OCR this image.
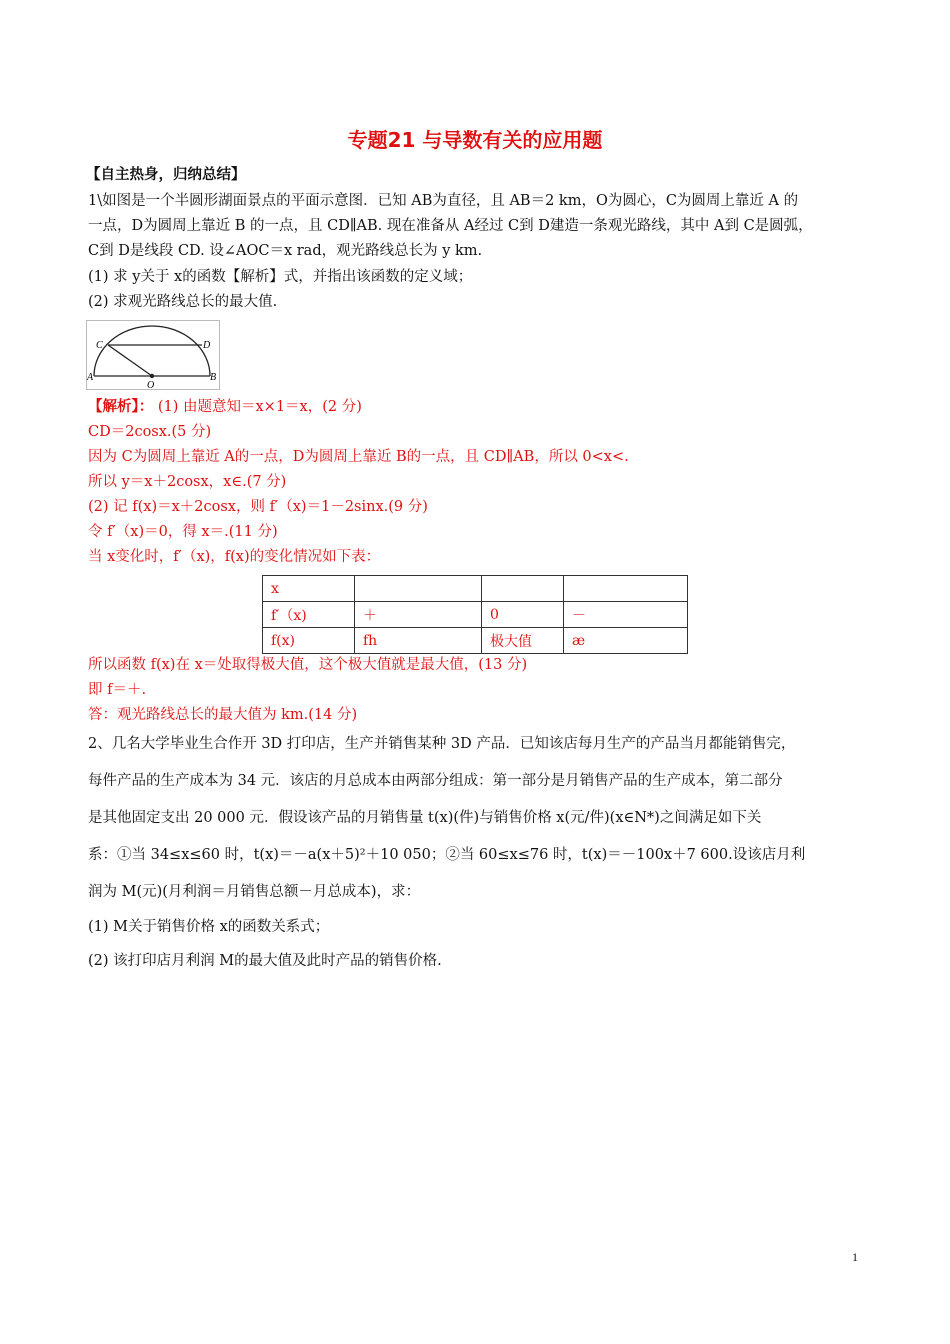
专题21 与导数有关的应用题
【自主热身，归纳总结】
1\如图是一个半圆形湖面景点的平面示意图．已知 AB为直径，且 AB＝2 km，O为圆心，C为圆周上靠近 A 的
一点，D为圆周上靠近 B 的一点，且 CD∥AB. 现在准备从 A经过 C到 D建造一条观光路线，其中 A到 C是圆弧，
C到 D是线段 CD. 设∠AOC＝x rad，观光路线总长为 y km.
(1) 求 y关于 x的函数【解析】式，并指出该函数的定义域；
(2) 求观光路线总长的最大值.
C	D
A
O
B
【解析】： (1) 由题意知＝x×1＝x，(2 分)
CD＝2cosx.(5 分)
因为 C为圆周上靠近 A的一点，D为圆周上靠近 B的一点，且 CD∥AB，所以 0<x<.
所以 y＝x＋2cosx，x∈.(7 分)
(2) 记 f(x)＝x＋2cosx，则 f′（x)＝1－2sinx.(9 分)
令 f′（x)＝0，得 x＝.(11 分)
当 x变化时，f′（x)，f(x)的变化情况如下表：
x			
f′（x)	＋	0	－
f(x)	fh	极大值	æ
所以函数 f(x)在 x＝处取得极大值，这个极大值就是最大值，(13 分)
即 f＝＋.
答：观光路线总长的最大值为 km.(14 分)
2、几名大学毕业生合作开 3D 打印店，生产并销售某种 3D 产品．已知该店每月生产的产品当月都能销售完，
每件产品的生产成本为 34 元．该店的月总成本由两部分组成：第一部分是月销售产品的生产成本，第二部分
是其他固定支出 20 000 元．假设该产品的月销售量 t(x)(件)与销售价格 x(元/件)(x∈N*)之间满足如下关
系：①当 34≤x≤60 时，t(x)＝－a(x＋5)²＋10 050；②当 60≤x≤76 时，t(x)＝－100x＋7 600.设该店月利
润为 M(元)(月利润＝月销售总额－月总成本)，求：
(1) M关于销售价格 x的函数关系式；
(2) 该打印店月利润 M的最大值及此时产品的销售价格.
1
